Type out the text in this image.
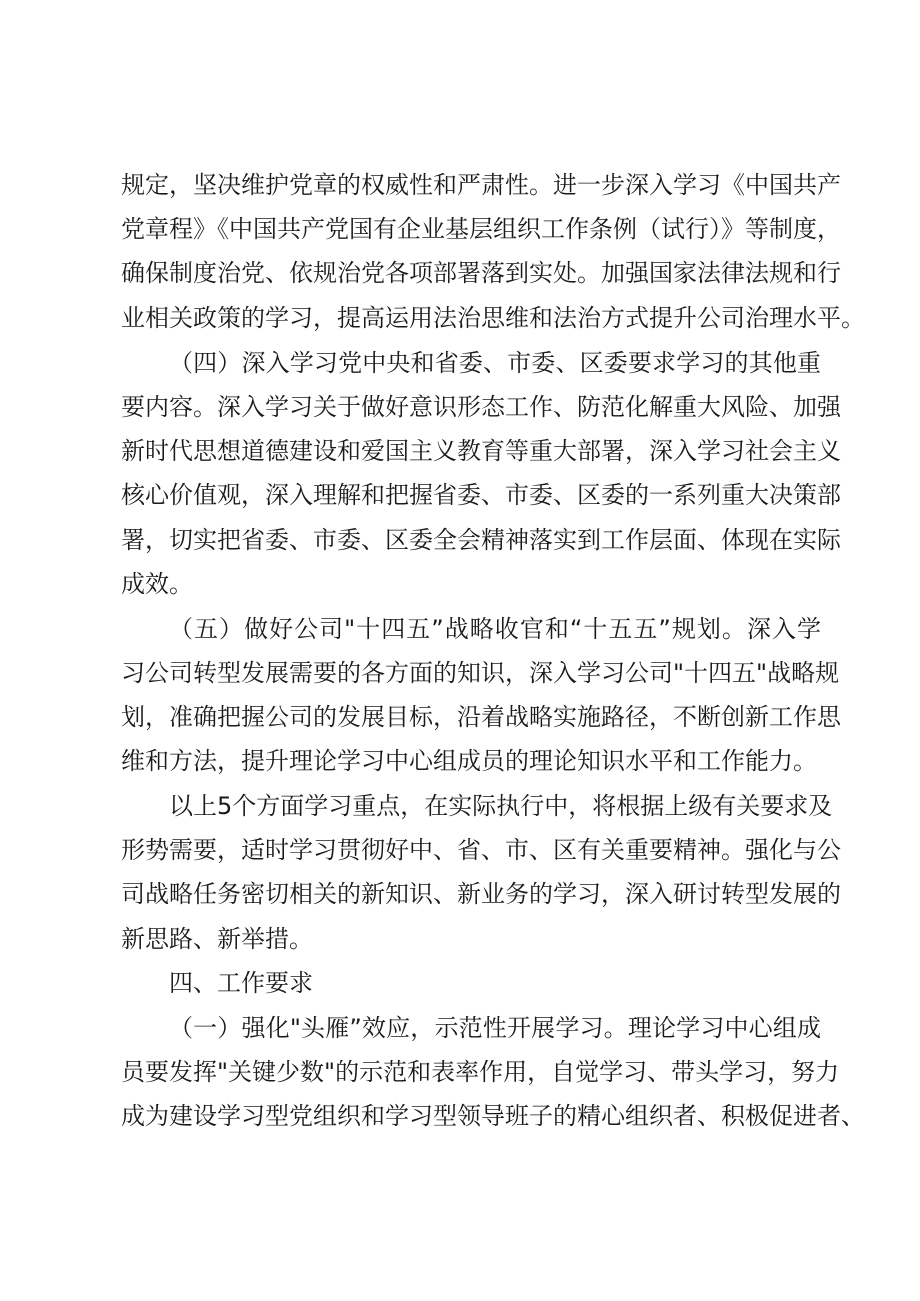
规定，坚决维护党章的权威性和严肃性。进一步深入学习《中国共产
党章程》《中国共产党国有企业基层组织工作条例（试行）》等制度，
确保制度治党、依规治党各项部署落到实处。加强国家法律法规和行
业相关政策的学习，提高运用法治思维和法治方式提升公司治理水平。
（四）深入学习党中央和省委、市委、区委要求学习的其他重
要内容。深入学习关于做好意识形态工作、防范化解重大风险、加强
新时代思想道德建设和爱国主义教育等重大部署，深入学习社会主义
核心价值观，深入理解和把握省委、市委、区委的一系列重大决策部
署，切实把省委、市委、区委全会精神落实到工作层面、体现在实际
成效。
（五）做好公司"十四五”战略收官和“十五五”规划。深入学
习公司转型发展需要的各方面的知识，深入学习公司"十四五"战略规
划，准确把握公司的发展目标，沿着战略实施路径，不断创新工作思
维和方法，提升理论学习中心组成员的理论知识水平和工作能力。
以上5个方面学习重点，在实际执行中，将根据上级有关要求及
形势需要，适时学习贯彻好中、省、市、区有关重要精神。强化与公
司战略任务密切相关的新知识、新业务的学习，深入研讨转型发展的
新思路、新举措。
四、工作要求
（一）强化"头雁”效应，示范性开展学习。理论学习中心组成
员要发挥"关键少数"的示范和表率作用，自觉学习、带头学习，努力
成为建设学习型党组织和学习型领导班子的精心组织者、积极促进者、
